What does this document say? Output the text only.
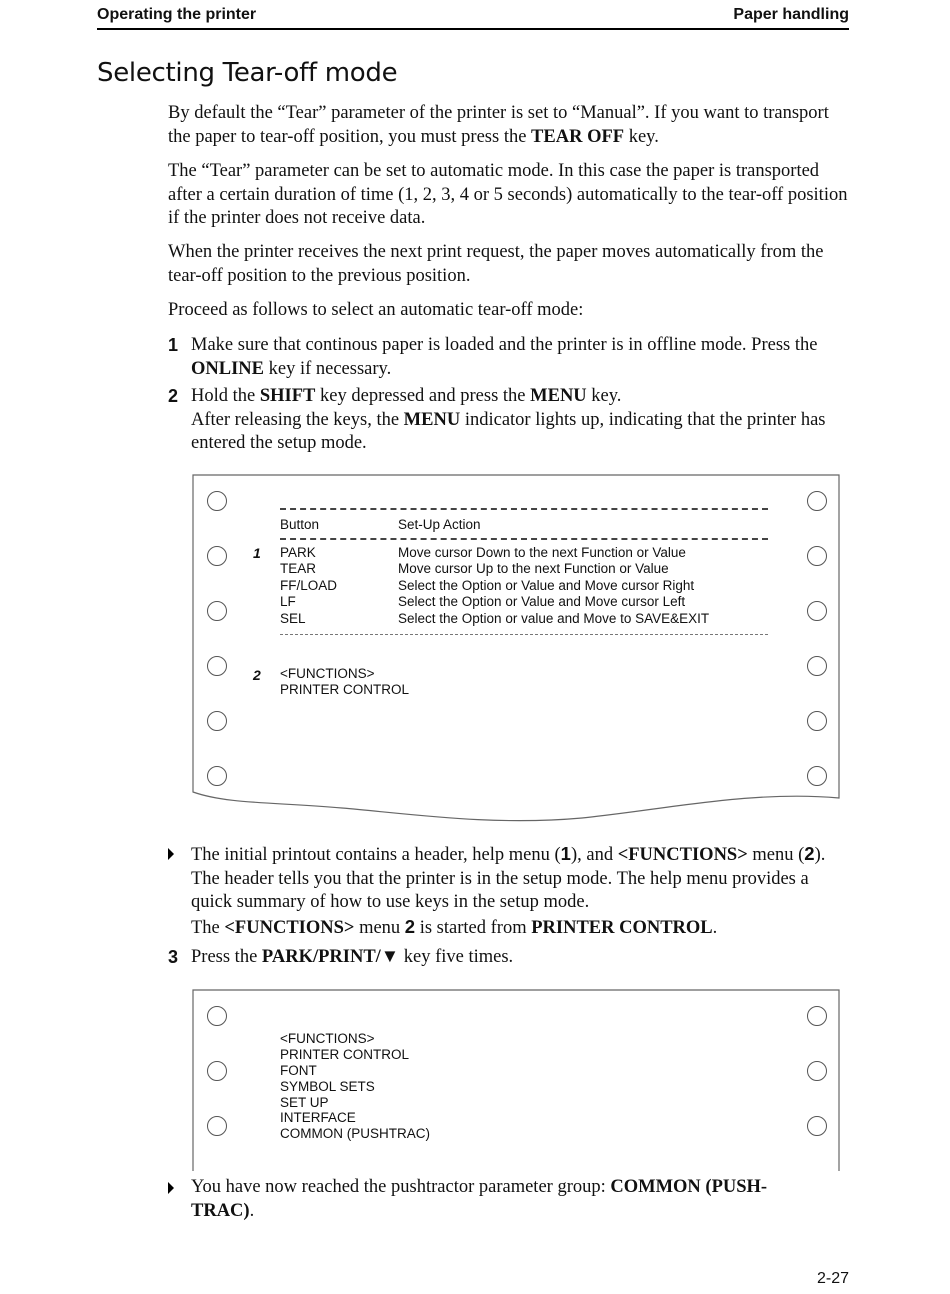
Operating the printer	Paper handling
Selecting Tear-off mode

By default the “Tear” parameter of the printer is set to “Manual”. If you want to transport the paper to tear-off position, you must press the TEAR OFF key.

The “Tear” parameter can be set to automatic mode. In this case the paper is transported after a certain duration of time (1, 2, 3, 4 or 5 seconds) automatically to the tear-off position if the printer does not receive data.

When the printer receives the next print request, the paper moves automatically from the tear-off position to the previous position.

Proceed as follows to select an automatic tear-off mode:

1 Make sure that continous paper is loaded and the printer is in offline mode. Press the ONLINE key if necessary.
2 Hold the SHIFT key depressed and press the MENU key.
After releasing the keys, the MENU indicator lights up, indicating that the printer has entered the setup mode.
Button	Set-Up Action
1 PARK	Move cursor Down to the next Function or Value
TEAR	Move cursor Up to the next Function or Value
FF/LOAD	Select the Option or Value and Move cursor Right
LF	Select the Option or Value and Move cursor Left
SEL	Select the Option or value and Move to SAVE&EXIT
2 <FUNCTIONS>
PRINTER CONTROL
The initial printout contains a header, help menu (1), and <FUNCTIONS> menu (2). The header tells you that the printer is in the setup mode. The help menu provides a quick summary of how to use keys in the setup mode.
The <FUNCTIONS> menu 2 is started from PRINTER CONTROL.
3 Press the PARK/PRINT/▼ key five times.
<FUNCTIONS>
PRINTER CONTROL
FONT
SYMBOL SETS
SET UP
INTERFACE
COMMON (PUSHTRAC)
You have now reached the pushtractor parameter group: COMMON (PUSH-TRAC).
2-27
